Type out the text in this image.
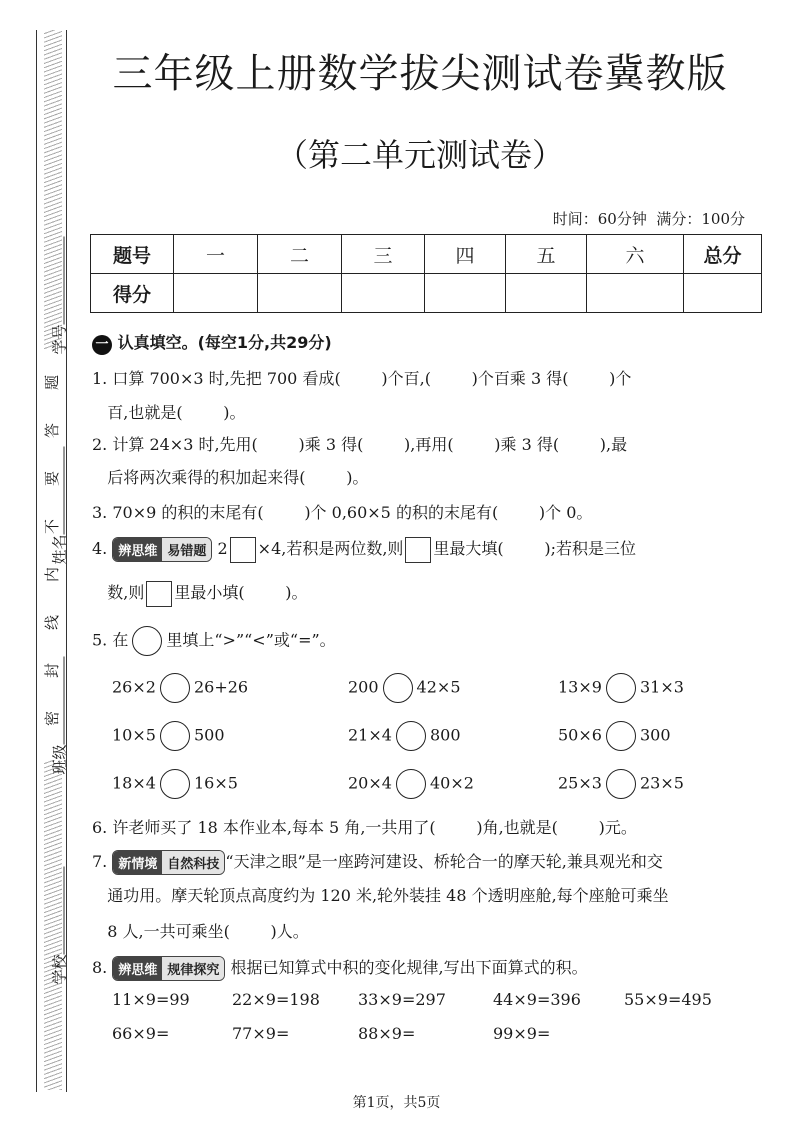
学号
姓名
班级
学校
三年级上册数学拔尖测试卷冀教版
（第二单元测试卷）
时间：60分钟  满分：100分
题号	一	二	三	四	五	六	总分
得分							
一 认真填空。(每空1分,共29分)
1. 口算 700×3 时,先把 700 看成(        )个百,(        )个百乘 3 得(        )个
百,也就是(        )。
2. 计算 24×3 时,先用(        )乘 3 得(        ),再用(        )乘 3 得(        ),最
后将两次乘得的积加起来得(        )。
3. 70×9 的积的末尾有(        )个 0,60×5 的积的末尾有(        )个 0。
4. 辨思维 易错题 2 ×4,若积是两位数,则 里最大填(        );若积是三位
数,则 里最小填(        )。
5. 在 里填上“>”“<”或“=”。
6. 许老师买了 18 本作业本,每本 5 角,一共用了(        )角,也就是(        )元。
7. 新情境 自然科技 “天津之眼”是一座跨河建设、桥轮合一的摩天轮,兼具观光和交
通功用。摩天轮顶点高度约为 120 米,轮外装挂 48 个透明座舱,每个座舱可乘坐
8 人,一共可乘坐(        )人。
8. 辨思维 规律探究 根据已知算式中积的变化规律,写出下面算式的积。
第1页，共5页
题
答
要
不
内
线
封
密
26×2 26+26	200 42×5	13×9 31×3
10×5 500	21×4 800	50×6 300
18×4 16×5	20×4 40×2	25×3 23×5
11×9=99	22×9=198 33×9=297	44×9=396	55×9=495
66×9=	77×9=	88×9=	99×9=
